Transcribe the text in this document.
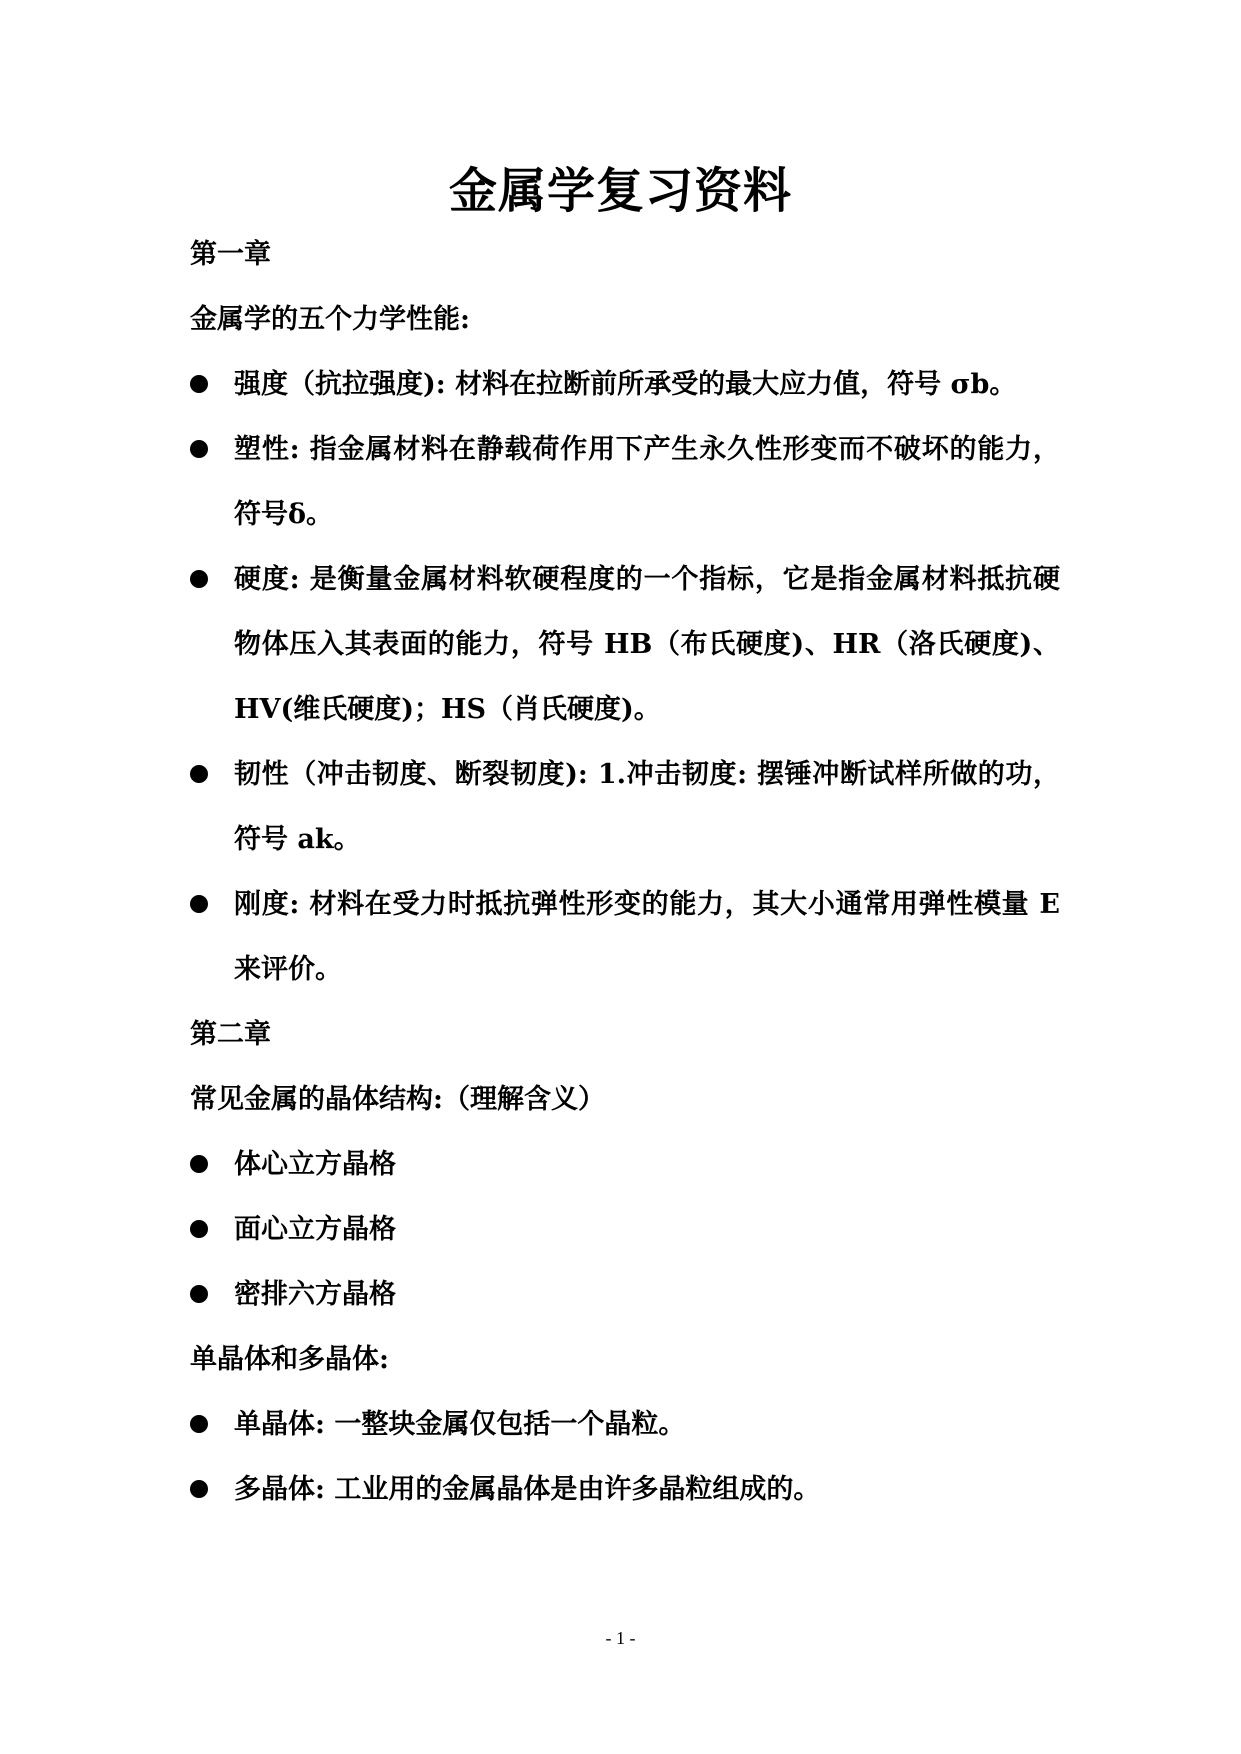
金属学复习资料
第一章
金属学的五个力学性能:
强度（抗拉强度): 材料在拉断前所承受的最大应力值，符号 σb。
塑性: 指金属材料在静载荷作用下产生永久性形变而不破坏的能力，符号δ。
硬度: 是衡量金属材料软硬程度的一个指标，它是指金属材料抵抗硬物体压入其表面的能力，符号 HB（布氏硬度)、HR（洛氏硬度)、HV(维氏硬度)；HS（肖氏硬度)。
韧性（冲击韧度、断裂韧度): 1.冲击韧度: 摆锤冲断试样所做的功，符号 ak。
刚度: 材料在受力时抵抗弹性形变的能力，其大小通常用弹性模量 E 来评价。
第二章
常见金属的晶体结构:（理解含义）
体心立方晶格
面心立方晶格
密排六方晶格
单晶体和多晶体:
单晶体: 一整块金属仅包括一个晶粒。
多晶体: 工业用的金属晶体是由许多晶粒组成的。
- 1 -
